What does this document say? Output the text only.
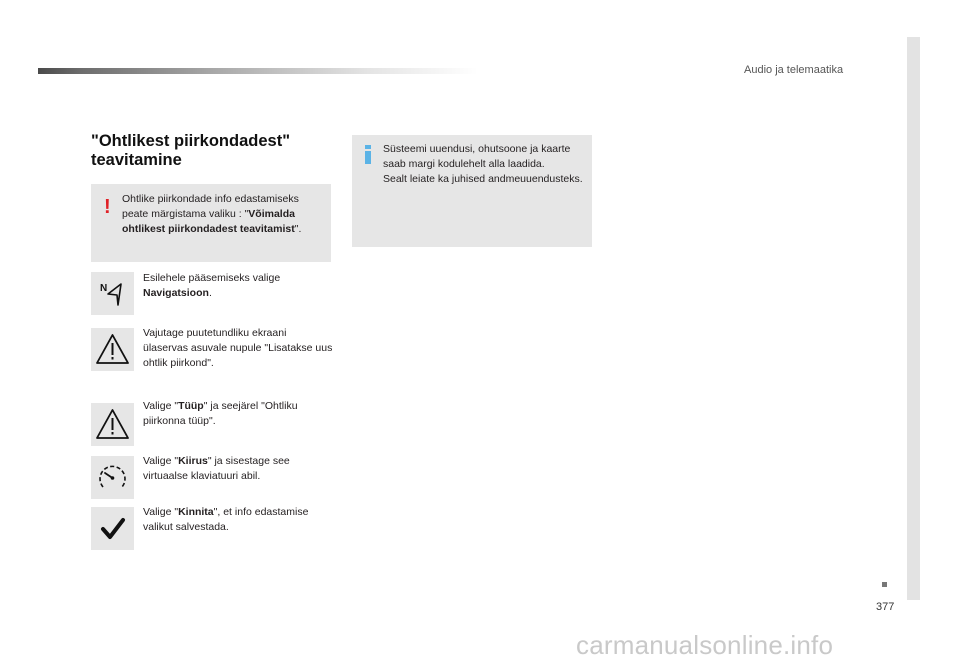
Audio ja telemaatika
"Ohtlikest piirkondadest" teavitamine
! Ohtlike piirkondade info edastamiseks peate märgistama valiku : "Võimalda ohtlikest piirkondadest teavitamist".
Süsteemi uuendusi, ohutsoone ja kaarte saab margi kodulehelt alla laadida.
Sealt leiate ka juhised andmeuuendusteks.
N
Esilehele pääsemiseks valige Navigatsioon.
Vajutage puutetundliku ekraani ülaservas asuvale nupule "Lisatakse uus ohtlik piirkond".
Valige "Tüüp" ja seejärel "Ohtliku piirkonna tüüp".
Valige "Kiirus" ja sisestage see virtuaalse klaviatuuri abil.
Valige "Kinnita", et info edastamise valikut salvestada.
377
carmanualsonline.info
